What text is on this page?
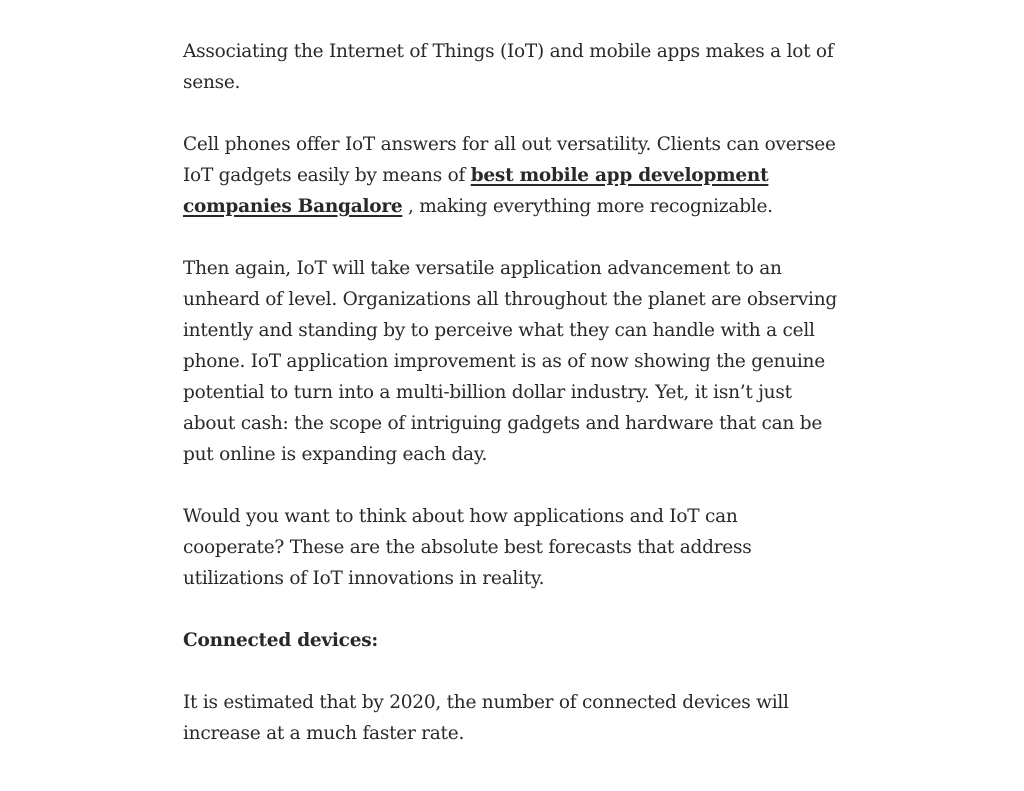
Associating the Internet of Things (IoT) and mobile apps makes a lot of sense.

Cell phones offer IoT answers for all out versatility. Clients can oversee IoT gadgets easily by means of best mobile app development companies Bangalore , making everything more recognizable.

Then again, IoT will take versatile application advancement to an unheard of level. Organizations all throughout the planet are observing intently and standing by to perceive what they can handle with a cell phone. IoT application improvement is as of now showing the genuine potential to turn into a multi-billion dollar industry. Yet, it isn’t just about cash: the scope of intriguing gadgets and hardware that can be put online is expanding each day.

Would you want to think about how applications and IoT can cooperate? These are the absolute best forecasts that address utilizations of IoT innovations in reality.

Connected devices:

It is estimated that by 2020, the number of connected devices will increase at a much faster rate.
